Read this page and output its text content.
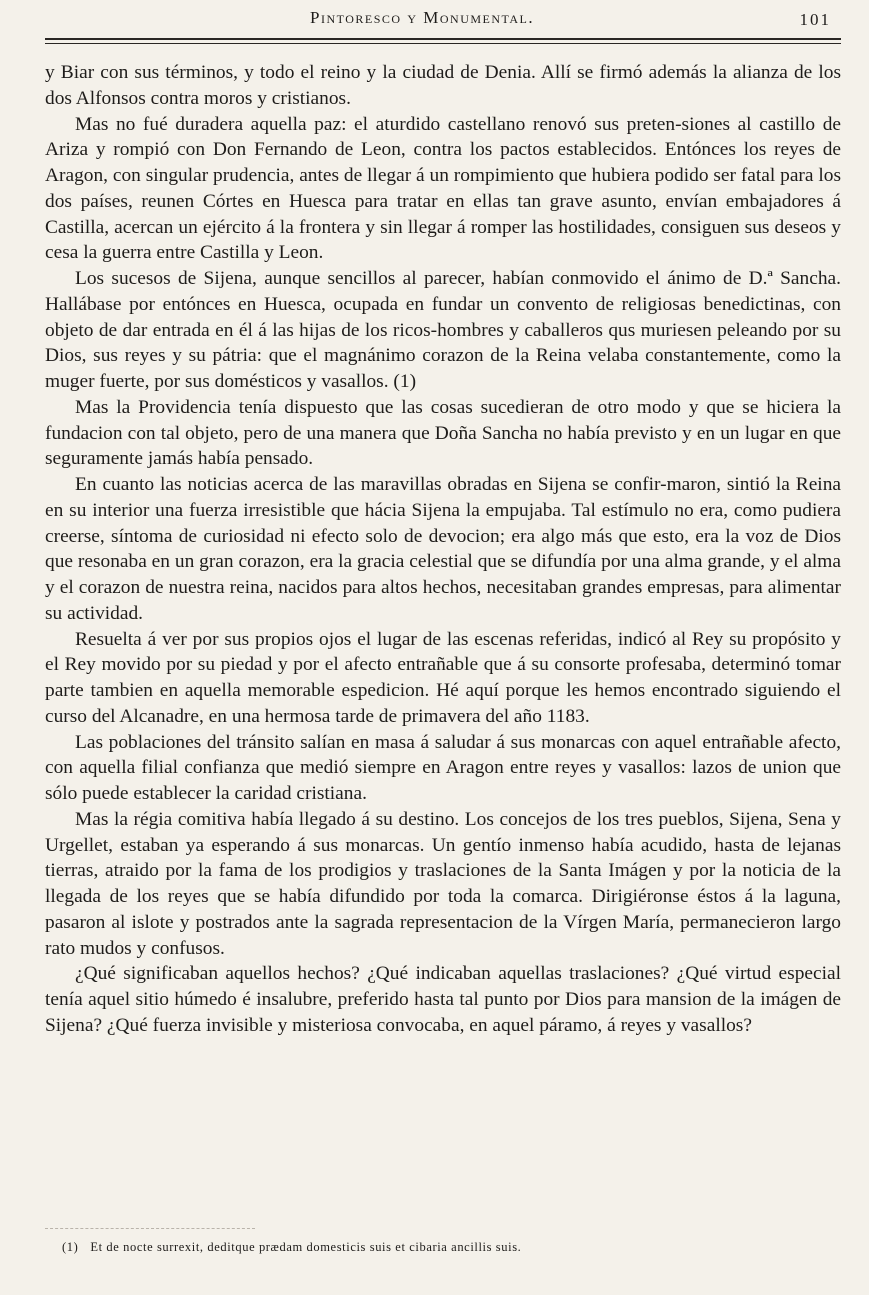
Pintoresco y Monumental.	101

y Biar con sus términos, y todo el reino y la ciudad de Denia. Allí se firmó además la alianza de los dos Alfonsos contra moros y cristianos.

Mas no fué duradera aquella paz: el aturdido castellano renovó sus preten-siones al castillo de Ariza y rompió con Don Fernando de Leon, contra los pactos establecidos. Entónces los reyes de Aragon, con singular prudencia, antes de llegar á un rompimiento que hubiera podido ser fatal para los dos países, reunen Córtes en Huesca para tratar en ellas tan grave asunto, envían embajadores á Castilla, acercan un ejército á la frontera y sin llegar á romper las hostilidades, consiguen sus deseos y cesa la guerra entre Castilla y Leon.

Los sucesos de Sijena, aunque sencillos al parecer, habían conmovido el ánimo de D.ª Sancha. Hallábase por entónces en Huesca, ocupada en fundar un convento de religiosas benedictinas, con objeto de dar entrada en él á las hijas de los ricos-hombres y caballeros qus muriesen peleando por su Dios, sus reyes y su pátria: que el magnánimo corazon de la Reina velaba constantemente, como la muger fuerte, por sus domésticos y vasallos. (1)

Mas la Providencia tenía dispuesto que las cosas sucedieran de otro modo y que se hiciera la fundacion con tal objeto, pero de una manera que Doña Sancha no había previsto y en un lugar en que seguramente jamás había pensado.

En cuanto las noticias acerca de las maravillas obradas en Sijena se confir-maron, sintió la Reina en su interior una fuerza irresistible que hácia Sijena la empujaba. Tal estímulo no era, como pudiera creerse, síntoma de curiosidad ni efecto solo de devocion; era algo más que esto, era la voz de Dios que resonaba en un gran corazon, era la gracia celestial que se difundía por una alma grande, y el alma y el corazon de nuestra reina, nacidos para altos hechos, necesitaban grandes empresas, para alimentar su actividad.

Resuelta á ver por sus propios ojos el lugar de las escenas referidas, indicó al Rey su propósito y el Rey movido por su piedad y por el afecto entrañable que á su consorte profesaba, determinó tomar parte tambien en aquella memorable espedicion. Hé aquí porque les hemos encontrado siguiendo el curso del Alcanadre, en una hermosa tarde de primavera del año 1183.

Las poblaciones del tránsito salían en masa á saludar á sus monarcas con aquel entrañable afecto, con aquella filial confianza que medió siempre en Aragon entre reyes y vasallos: lazos de union que sólo puede establecer la caridad cristiana.

Mas la régia comitiva había llegado á su destino. Los concejos de los tres pueblos, Sijena, Sena y Urgellet, estaban ya esperando á sus monarcas. Un gentío inmenso había acudido, hasta de lejanas tierras, atraido por la fama de los prodigios y traslaciones de la Santa Imágen y por la noticia de la llegada de los reyes que se había difundido por toda la comarca. Dirigiéronse éstos á la laguna, pasaron al islote y postrados ante la sagrada representacion de la Vírgen María, permanecieron largo rato mudos y confusos.

¿Qué significaban aquellos hechos? ¿Qué indicaban aquellas traslaciones? ¿Qué virtud especial tenía aquel sitio húmedo é insalubre, preferido hasta tal punto por Dios para mansion de la imágen de Sijena? ¿Qué fuerza invisible y misteriosa convocaba, en aquel páramo, á reyes y vasallos?

(1) Et de nocte surrexit, deditque prædam domesticis suis et cibaria ancillis suis.
